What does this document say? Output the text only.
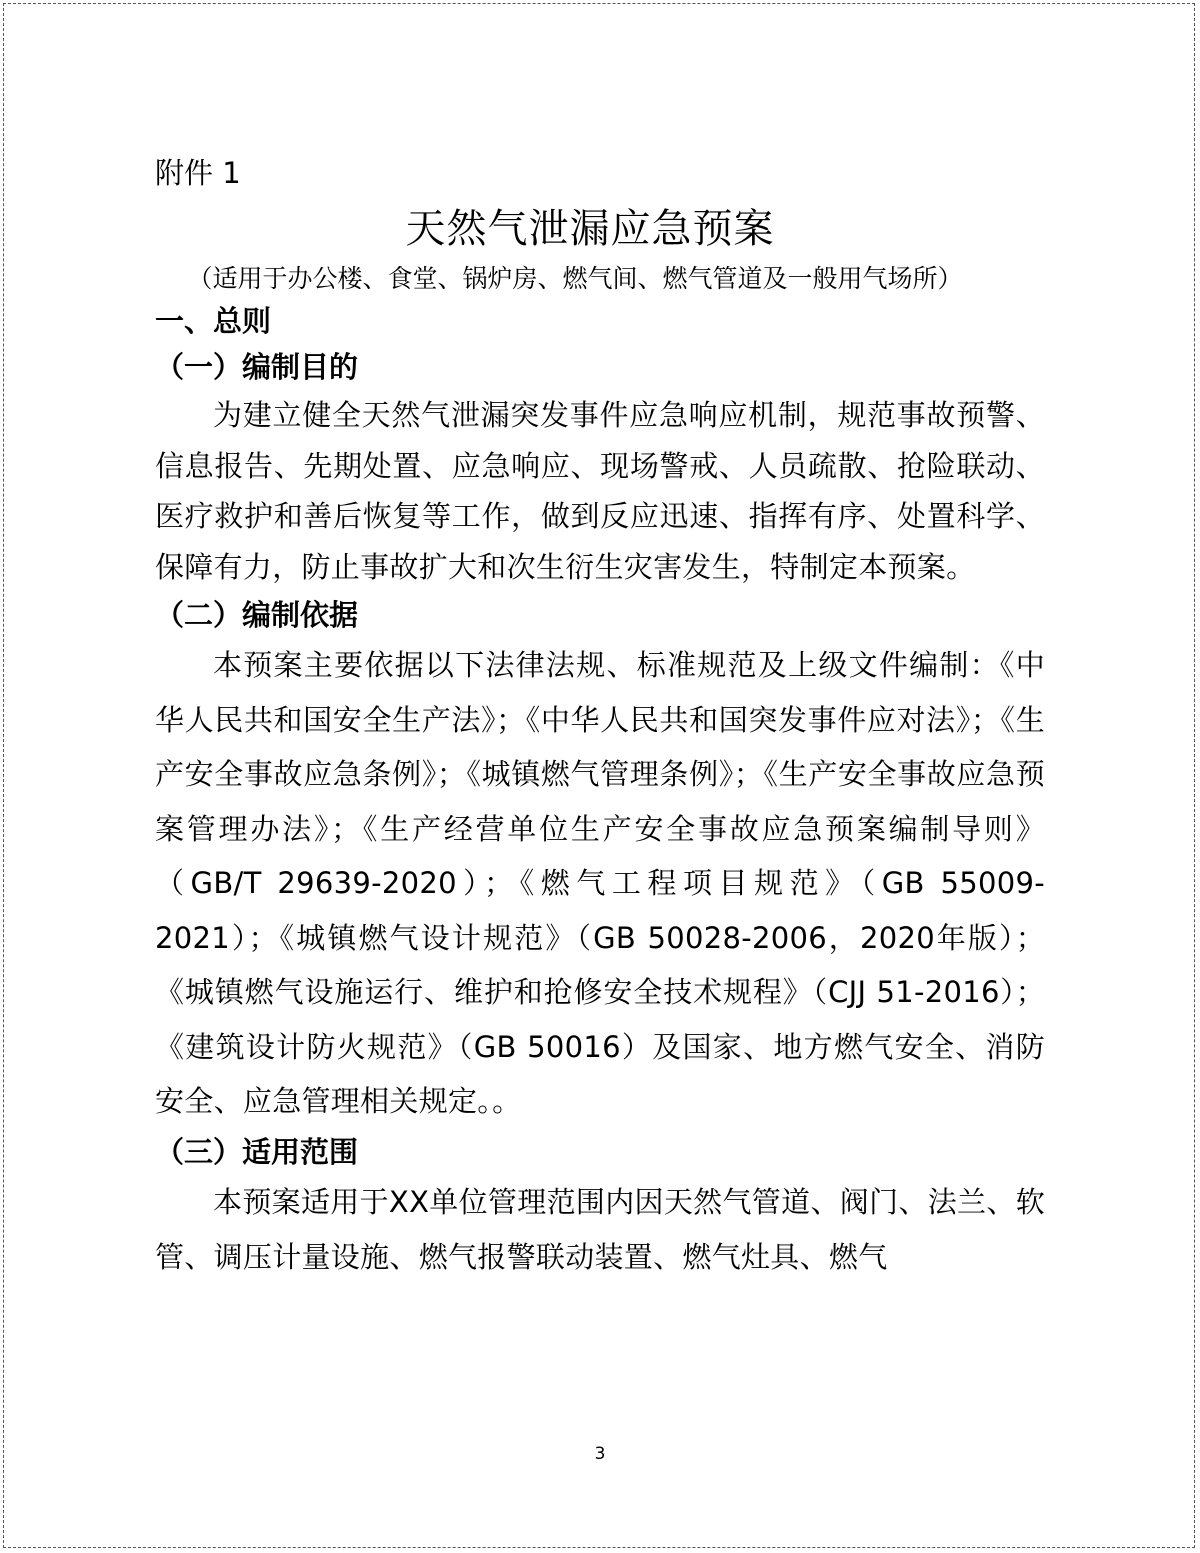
附件 1
天然气泄漏应急预案
（适用于办公楼、食堂、锅炉房、燃气间、燃气管道及一般用气场所）
一、总则
（一）编制目的

为建立健全天然气泄漏突发事件应急响应机制，规范事故预警、信息报告、先期处置、应急响应、现场警戒、人员疏散、抢险联动、医疗救护和善后恢复等工作，做到反应迅速、指挥有序、处置科学、保障有力，防止事故扩大和次生衍生灾害发生，特制定本预案。

（二）编制依据

本预案主要依据以下法律法规、标准规范及上级文件编制：《中华人民共和国安全生产法》；《中华人民共和国突发事件应对法》；《生产安全事故应急条例》；《城镇燃气管理条例》；《生产安全事故应急预案管理办法》；《生产经营单位生产安全事故应急预案编制导则》（GB/T 29639-2020）；《燃气工程项目规范》（GB 55009-2021）；《城镇燃气设计规范》（GB 50028-2006，2020年版）；《城镇燃气设施运行、维护和抢修安全技术规程》（CJJ 51-2016）；《建筑设计防火规范》（GB 50016）及国家、地方燃气安全、消防安全、应急管理相关规定。。

（三）适用范围

本预案适用于XX单位管理范围内因天然气管道、阀门、法兰、软管、调压计量设施、燃气报警联动装置、燃气灶具、燃气

3
